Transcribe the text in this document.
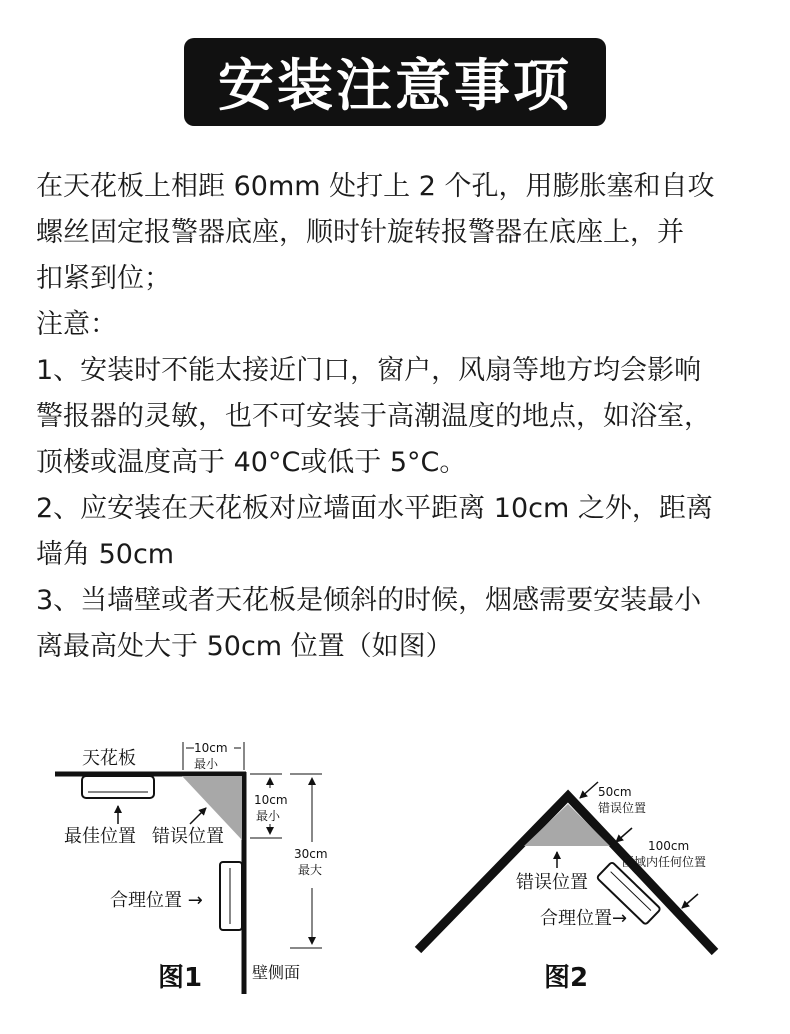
安装注意事项

在天花板上相距 60mm 处打上 2 个孔，用膨胀塞和自攻

螺丝固定报警器底座，顺时针旋转报警器在底座上，并

扣紧到位；

注意：

1、安装时不能太接近门口，窗户，风扇等地方均会影响

警报器的灵敏，也不可安装于高潮温度的地点，如浴室，

顶楼或温度高于 40°C或低于 5°C。

2、应安装在天花板对应墙面水平距离 10cm 之外，距离

墙角 50cm

3、当墙壁或者天花板是倾斜的时候，烟感需要安装最小

离最高处大于 50cm 位置（如图）

天花板
最佳位置 错误位置
合理位置 →
10cm
最小
10cm
最小
30cm
最大
壁侧面
图1
50cm
错误位置
100cm
区域内任何位置
错误位置
合理位置→
图2
